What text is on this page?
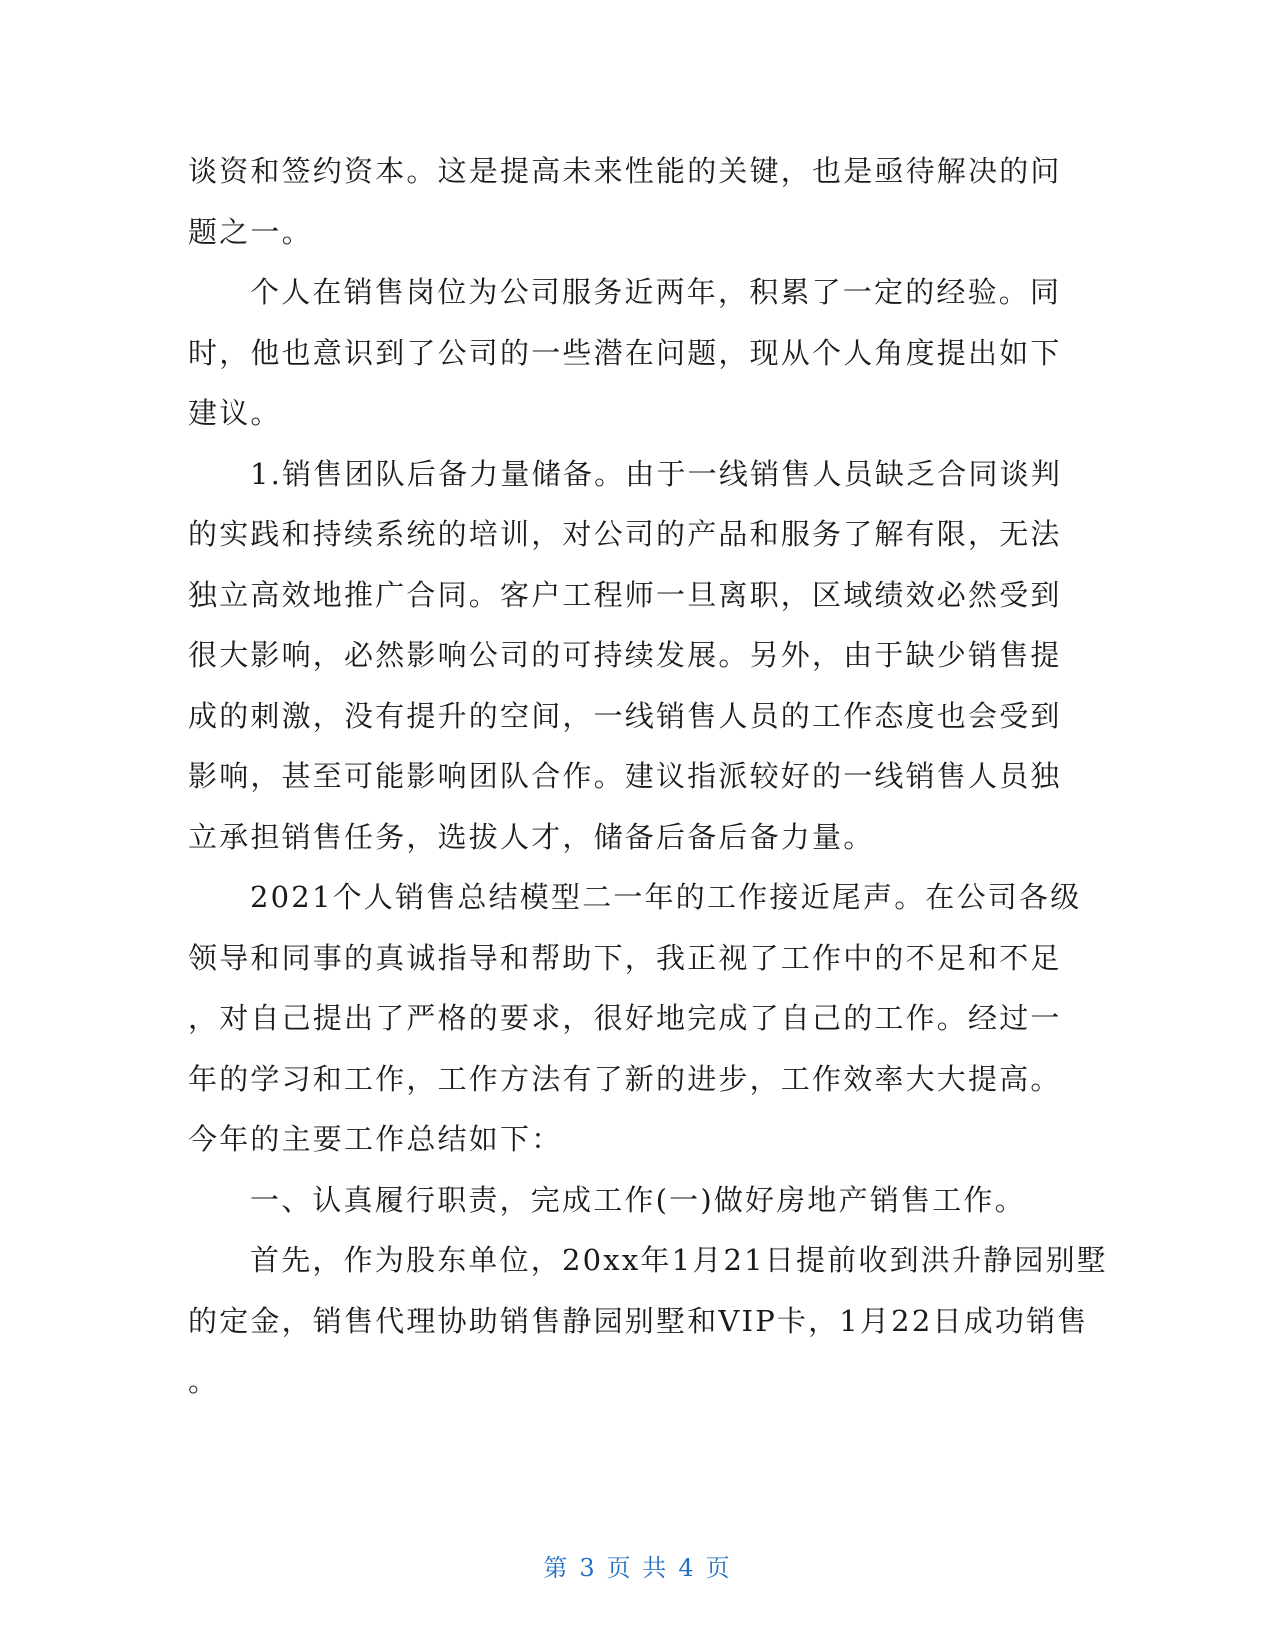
谈资和签约资本。这是提高未来性能的关键，也是亟待解决的问
题之一。
个人在销售岗位为公司服务近两年，积累了一定的经验。同
时，他也意识到了公司的一些潜在问题，现从个人角度提出如下
建议。
1.销售团队后备力量储备。由于一线销售人员缺乏合同谈判
的实践和持续系统的培训，对公司的产品和服务了解有限，无法
独立高效地推广合同。客户工程师一旦离职，区域绩效必然受到
很大影响，必然影响公司的可持续发展。另外，由于缺少销售提
成的刺激，没有提升的空间，一线销售人员的工作态度也会受到
影响，甚至可能影响团队合作。建议指派较好的一线销售人员独
立承担销售任务，选拔人才，储备后备后备力量。
2021个人销售总结模型二一年的工作接近尾声。在公司各级
领导和同事的真诚指导和帮助下，我正视了工作中的不足和不足
，对自己提出了严格的要求，很好地完成了自己的工作。经过一
年的学习和工作，工作方法有了新的进步，工作效率大大提高。
今年的主要工作总结如下：
一、认真履行职责，完成工作(一)做好房地产销售工作。
首先，作为股东单位，20xx年1月21日提前收到洪升静园别墅
的定金，销售代理协助销售静园别墅和VIP卡，1月22日成功销售
。
第 3 页 共 4 页
